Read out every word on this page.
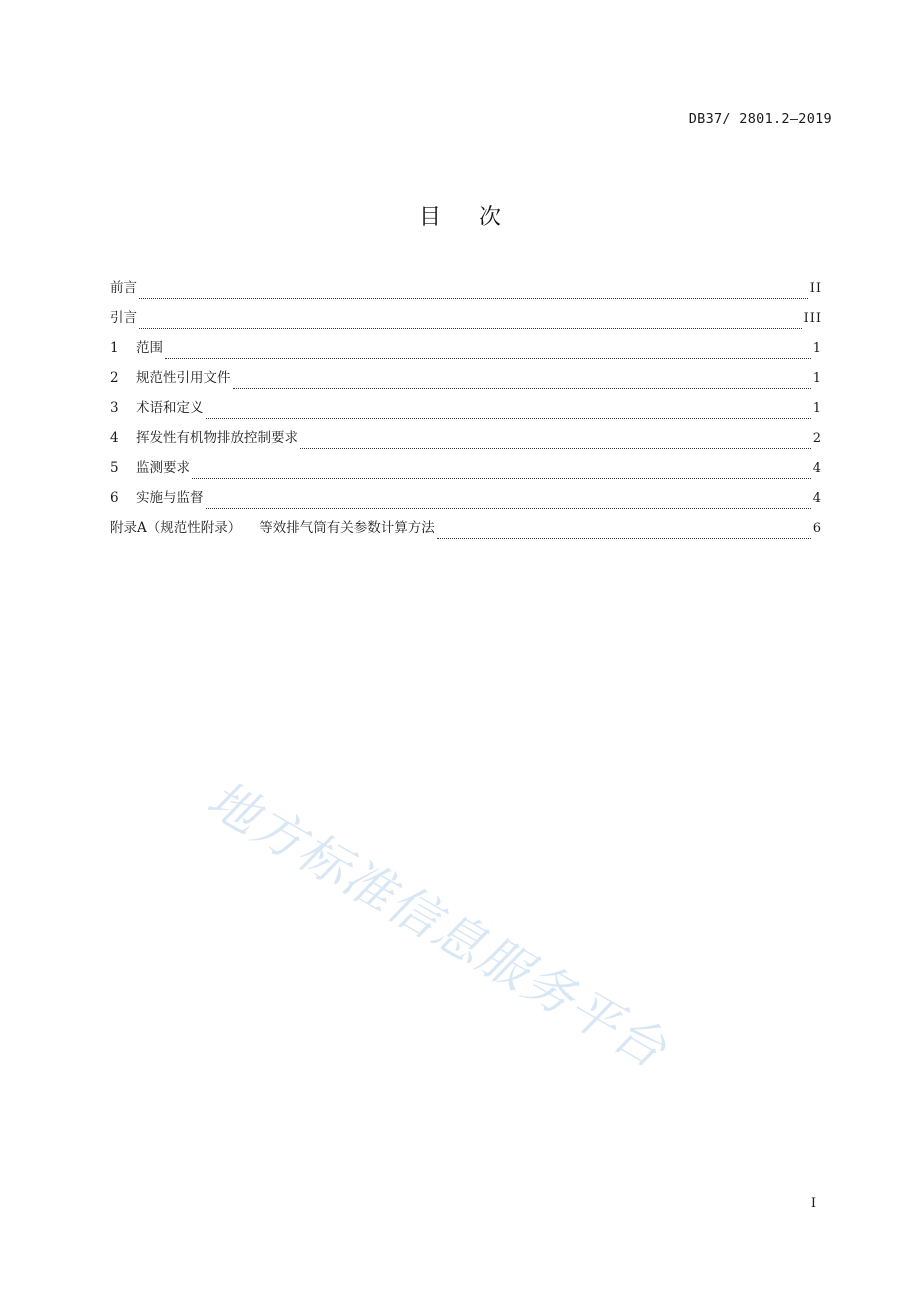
DB37/ 2801.2—2019
目次
前言	II
引言	III
1	范围	1
2	规范性引用文件	1
3	术语和定义	1
4	挥发性有机物排放控制要求	2
5	监测要求	4
6	实施与监督	4
附录A（规范性附录） 等效排气筒有关参数计算方法	6
地方标准信息服务平台
I
